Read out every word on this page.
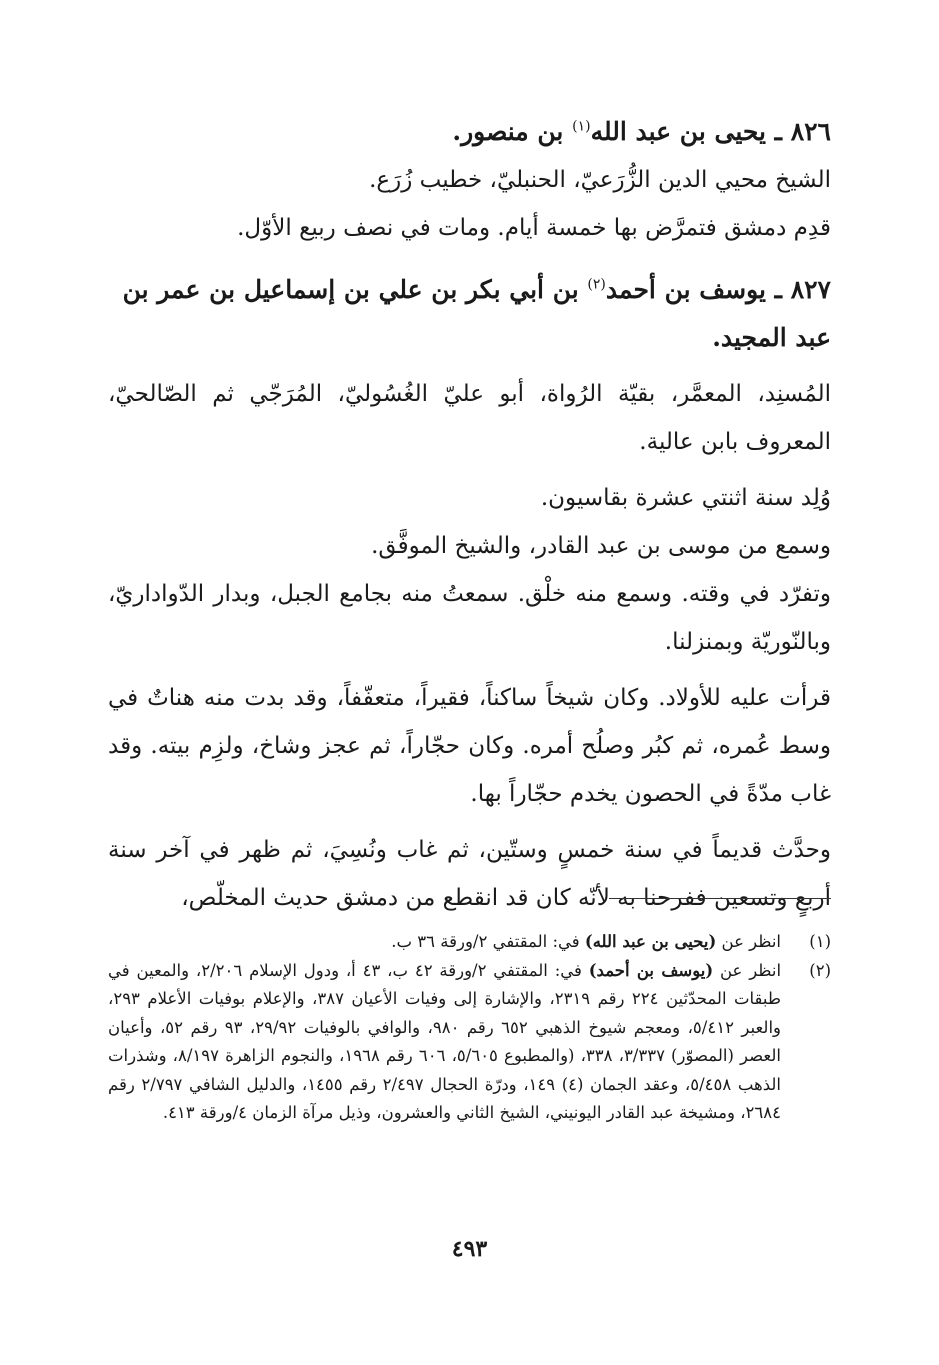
٨٢٦ ـ يحيى بن عبد الله$^{(١)}$ بن منصور.

الشيخ محيي الدين الزُّرَعيّ، الحنبليّ، خطيب زُرَع.

قدِم دمشق فتمرَّض بها خمسة أيام. ومات في نصف ربيع الأوّل.

٨٢٧ ـ يوسف بن أحمد$^{(٢)}$ بن أبي بكر بن علي بن إسماعيل بن عمر بن عبد المجيد.

المُسنِد، المعمَّر، بقيّة الرُواة، أبو عليّ الغُسُوليّ، المُرَجّي ثم الصّالحيّ، المعروف بابن عالية.

وُلِد سنة اثنتي عشرة بقاسيون.

وسمع من موسى بن عبد القادر، والشيخ الموفَّق.

وتفرّد في وقته. وسمع منه خلْق. سمعتُ منه بجامع الجبل، وبدار الدّواداريّ، وبالنّوريّة وبمنزلنا.

قرأت عليه للأولاد. وكان شيخاً ساكناً، فقيراً، متعفّفاً، وقد بدت منه هناتٌ في وسط عُمره، ثم كبُر وصلُح أمره. وكان حجّاراً، ثم عجز وشاخ، ولزِم بيته. وقد غاب مدّةً في الحصون يخدم حجّاراً بها.

وحدَّث قديماً في سنة خمسٍ وستّين، ثم غاب ونُسِيَ، ثم ظهر في آخر سنة أربعٍ وتسعين ففرحنا به لأنّه كان قد انقطع من دمشق حديث المخلّص،

(١)
انظر عن (يحيى بن عبد الله) في: المقتفي ٢/ورقة ٣٦ ب.
(٢)
انظر عن (يوسف بن أحمد) في: المقتفي ٢/ورقة ٤٢ ب، ٤٣ أ، ودول الإسلام ٢/٢٠٦، والمعين في طبقات المحدّثين ٢٢٤ رقم ٢٣١٩، والإشارة إلى وفيات الأعيان ٣٨٧، والإعلام بوفيات الأعلام ٢٩٣، والعبر ٥/٤١٢، ومعجم شيوخ الذهبي ٦٥٢ رقم ٩٨٠، والوافي بالوفيات ٢٩/٩٢، ٩٣ رقم ٥٢، وأعيان العصر (المصوّر) ٣/٣٣٧، ٣٣٨، (والمطبوع ٥/٦٠٥، ٦٠٦ رقم ١٩٦٨، والنجوم الزاهرة ٨/١٩٧، وشذرات الذهب ٥/٤٥٨، وعقد الجمان (٤) ١٤٩، ودرّة الحجال ٢/٤٩٧ رقم ١٤٥٥، والدليل الشافي ٢/٧٩٧ رقم ٢٦٨٤، ومشيخة عبد القادر اليونيني، الشيخ الثاني والعشرون، وذيل مرآة الزمان ٤/ورقة ٤١٣.
٤٩٣
